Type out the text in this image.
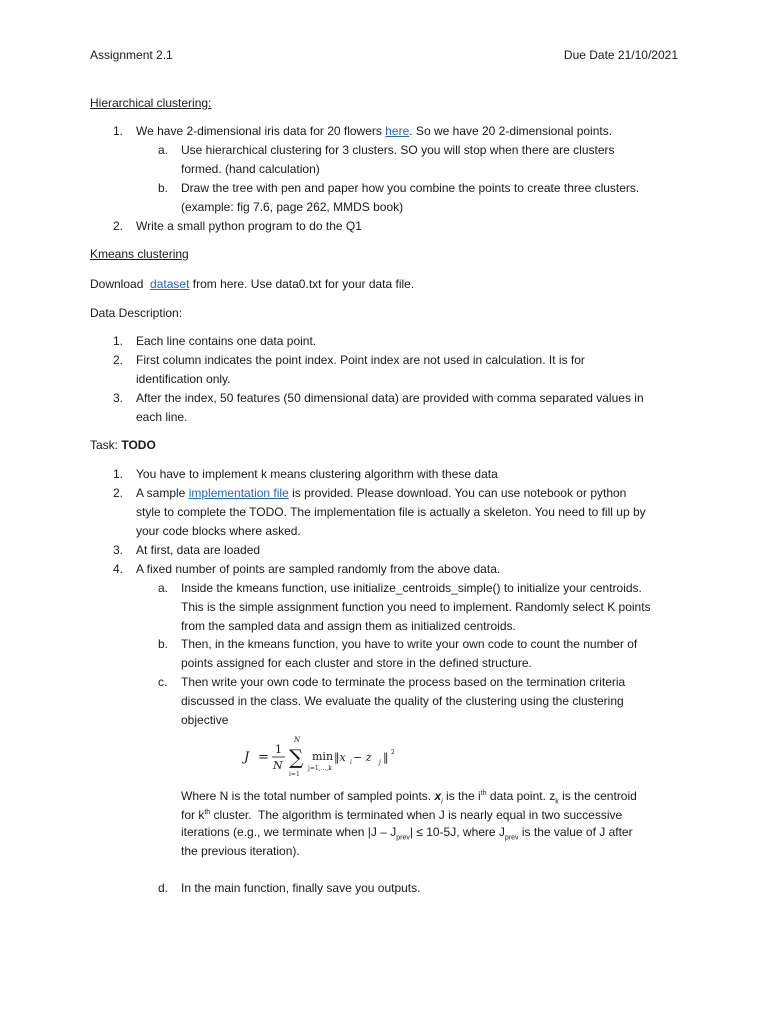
Assignment 2.1	Due Date 21/10/2021
Hierarchical clustering:
1. We have 2-dimensional iris data for 20 flowers here. So we have 20 2-dimensional points.
a. Use hierarchical clustering for 3 clusters. SO you will stop when there are clusters
formed. (hand calculation)
b. Draw the tree with pen and paper how you combine the points to create three clusters.
(example: fig 7.6, page 262, MMDS book)
2. Write a small python program to do the Q1
Kmeans clustering
Download  dataset from here. Use data0.txt for your data file.
Data Description:
1. Each line contains one data point.
2. First column indicates the point index. Point index are not used in calculation. It is for
identification only.
3. After the index, 50 features (50 dimensional data) are provided with comma separated values in
each line.
Task: TODO
1. You have to implement k means clustering algorithm with these data
2. A sample implementation file is provided. Please download. You can use notebook or python
style to complete the TODO. The implementation file is actually a skeleton. You need to fill up by
your code blocks where asked.
3. At first, data are loaded
4. A fixed number of points are sampled randomly from the above data.
a. Inside the kmeans function, use initialize_centroids_simple() to initialize your centroids.
This is the simple assignment function you need to implement. Randomly select K points
from the sampled data and assign them as initialized centroids.
b. Then, in the kmeans function, you have to write your own code to count the number of
points assigned for each cluster and store in the defined structure.
c. Then write your own code to terminate the process based on the termination criteria
discussed in the class. We evaluate the quality of the clustering using the clustering
objective
J =
1
N ∑
N
i=1
min
j=1,...,k
‖x i − z	j ‖ 2
Where N is the total number of sampled points. $x_i$ is the $i^{th}$ data point. $z_k$ is the centroid
for $k^{th}$ cluster.  The algorithm is terminated when J is nearly equal in two successive
iterations (e.g., we terminate when $|J - J_{prev}| \le 10-5J$, where $J_{prev}$ is the value of J after
the previous iteration).
d. In the main function, finally save you outputs.
